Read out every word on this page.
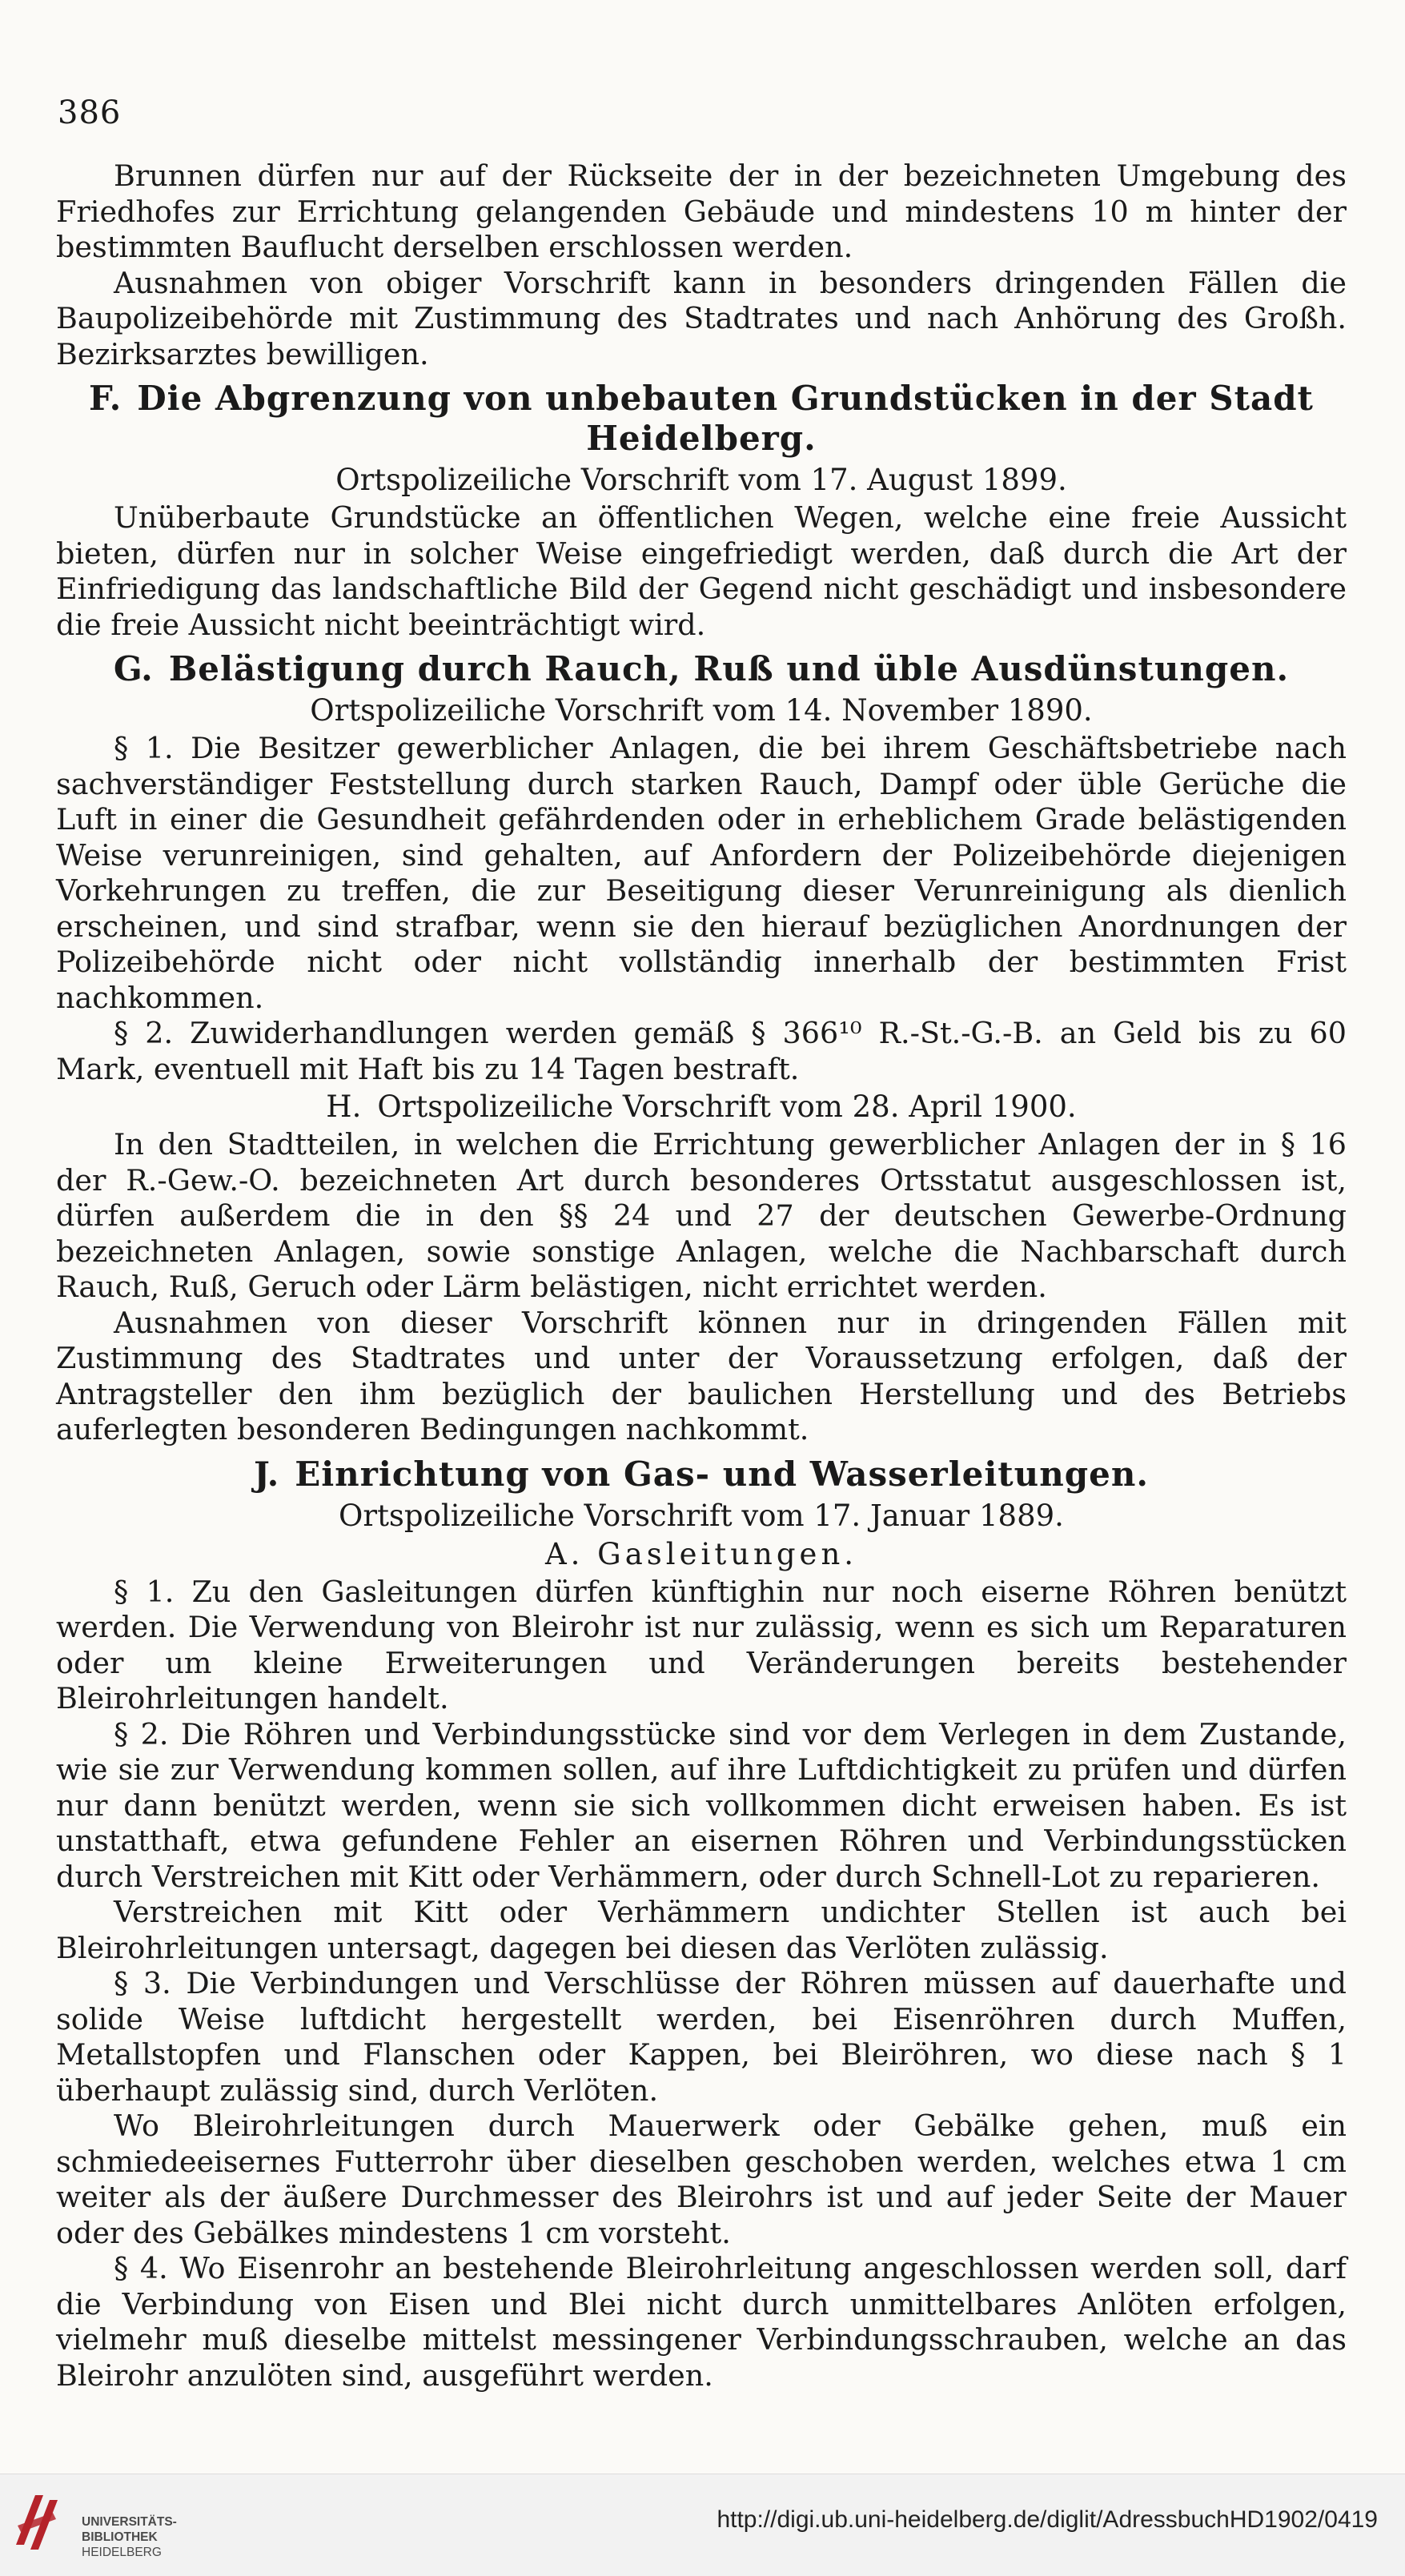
386

Brunnen dürfen nur auf der Rückseite der in der bezeichneten Umgebung des Friedhofes zur Errichtung gelangenden Gebäude und mindestens 10 m hinter der bestimmten Bauflucht derselben erschlossen werden.

Ausnahmen von obiger Vorschrift kann in besonders dringenden Fällen die Baupolizeibehörde mit Zustimmung des Stadtrates und nach Anhörung des Großh. Bezirksarztes bewilligen.

F. Die Abgrenzung von unbebauten Grundstücken in der Stadt Heidelberg.
Ortspolizeiliche Vorschrift vom 17. August 1899.

Unüberbaute Grundstücke an öffentlichen Wegen, welche eine freie Aussicht bieten, dürfen nur in solcher Weise eingefriedigt werden, daß durch die Art der Einfriedigung das landschaftliche Bild der Gegend nicht geschädigt und insbesondere die freie Aussicht nicht beeinträchtigt wird.

G. Belästigung durch Rauch, Ruß und üble Ausdünstungen.
Ortspolizeiliche Vorschrift vom 14. November 1890.

§ 1. Die Besitzer gewerblicher Anlagen, die bei ihrem Geschäftsbetriebe nach sachverständiger Feststellung durch starken Rauch, Dampf oder üble Gerüche die Luft in einer die Gesundheit gefährdenden oder in erheblichem Grade belästigenden Weise verunreinigen, sind gehalten, auf Anfordern der Polizeibehörde diejenigen Vorkehrungen zu treffen, die zur Beseitigung dieser Verunreinigung als dienlich erscheinen, und sind strafbar, wenn sie den hierauf bezüglichen Anordnungen der Polizeibehörde nicht oder nicht vollständig innerhalb der bestimmten Frist nachkommen.

§ 2. Zuwiderhandlungen werden gemäß § 366¹⁰ R.-St.-G.-B. an Geld bis zu 60 Mark, eventuell mit Haft bis zu 14 Tagen bestraft.

H. Ortspolizeiliche Vorschrift vom 28. April 1900.

In den Stadtteilen, in welchen die Errichtung gewerblicher Anlagen der in § 16 der R.-Gew.-O. bezeichneten Art durch besonderes Ortsstatut ausgeschlossen ist, dürfen außerdem die in den §§ 24 und 27 der deutschen Gewerbe-Ordnung bezeichneten Anlagen, sowie sonstige Anlagen, welche die Nachbarschaft durch Rauch, Ruß, Geruch oder Lärm belästigen, nicht errichtet werden.

Ausnahmen von dieser Vorschrift können nur in dringenden Fällen mit Zustimmung des Stadtrates und unter der Voraussetzung erfolgen, daß der Antragsteller den ihm bezüglich der baulichen Herstellung und des Betriebs auferlegten besonderen Bedingungen nachkommt.

J. Einrichtung von Gas- und Wasserleitungen.
Ortspolizeiliche Vorschrift vom 17. Januar 1889.
A. Gasleitungen.

§ 1. Zu den Gasleitungen dürfen künftighin nur noch eiserne Röhren benützt werden. Die Verwendung von Bleirohr ist nur zulässig, wenn es sich um Reparaturen oder um kleine Erweiterungen und Veränderungen bereits bestehender Bleirohrleitungen handelt.

§ 2. Die Röhren und Verbindungsstücke sind vor dem Verlegen in dem Zustande, wie sie zur Verwendung kommen sollen, auf ihre Luftdichtigkeit zu prüfen und dürfen nur dann benützt werden, wenn sie sich vollkommen dicht erweisen haben. Es ist unstatthaft, etwa gefundene Fehler an eisernen Röhren und Verbindungsstücken durch Verstreichen mit Kitt oder Verhämmern, oder durch Schnell-Lot zu reparieren.

Verstreichen mit Kitt oder Verhämmern undichter Stellen ist auch bei Bleirohrleitungen untersagt, dagegen bei diesen das Verlöten zulässig.

§ 3. Die Verbindungen und Verschlüsse der Röhren müssen auf dauerhafte und solide Weise luftdicht hergestellt werden, bei Eisenröhren durch Muffen, Metallstopfen und Flanschen oder Kappen, bei Bleiröhren, wo diese nach § 1 überhaupt zulässig sind, durch Verlöten.

Wo Bleirohrleitungen durch Mauerwerk oder Gebälke gehen, muß ein schmiedeeisernes Futterrohr über dieselben geschoben werden, welches etwa 1 cm weiter als der äußere Durchmesser des Bleirohrs ist und auf jeder Seite der Mauer oder des Gebälkes mindestens 1 cm vorsteht.

§ 4. Wo Eisenrohr an bestehende Bleirohrleitung angeschlossen werden soll, darf die Verbindung von Eisen und Blei nicht durch unmittelbares Anlöten erfolgen, vielmehr muß dieselbe mittelst messingener Verbindungsschrauben, welche an das Bleirohr anzulöten sind, ausgeführt werden.

UNIVERSITÄTS-
BIBLIOTHEK
HEIDELBERG
http://digi.ub.uni-heidelberg.de/diglit/AdressbuchHD1902/0419
